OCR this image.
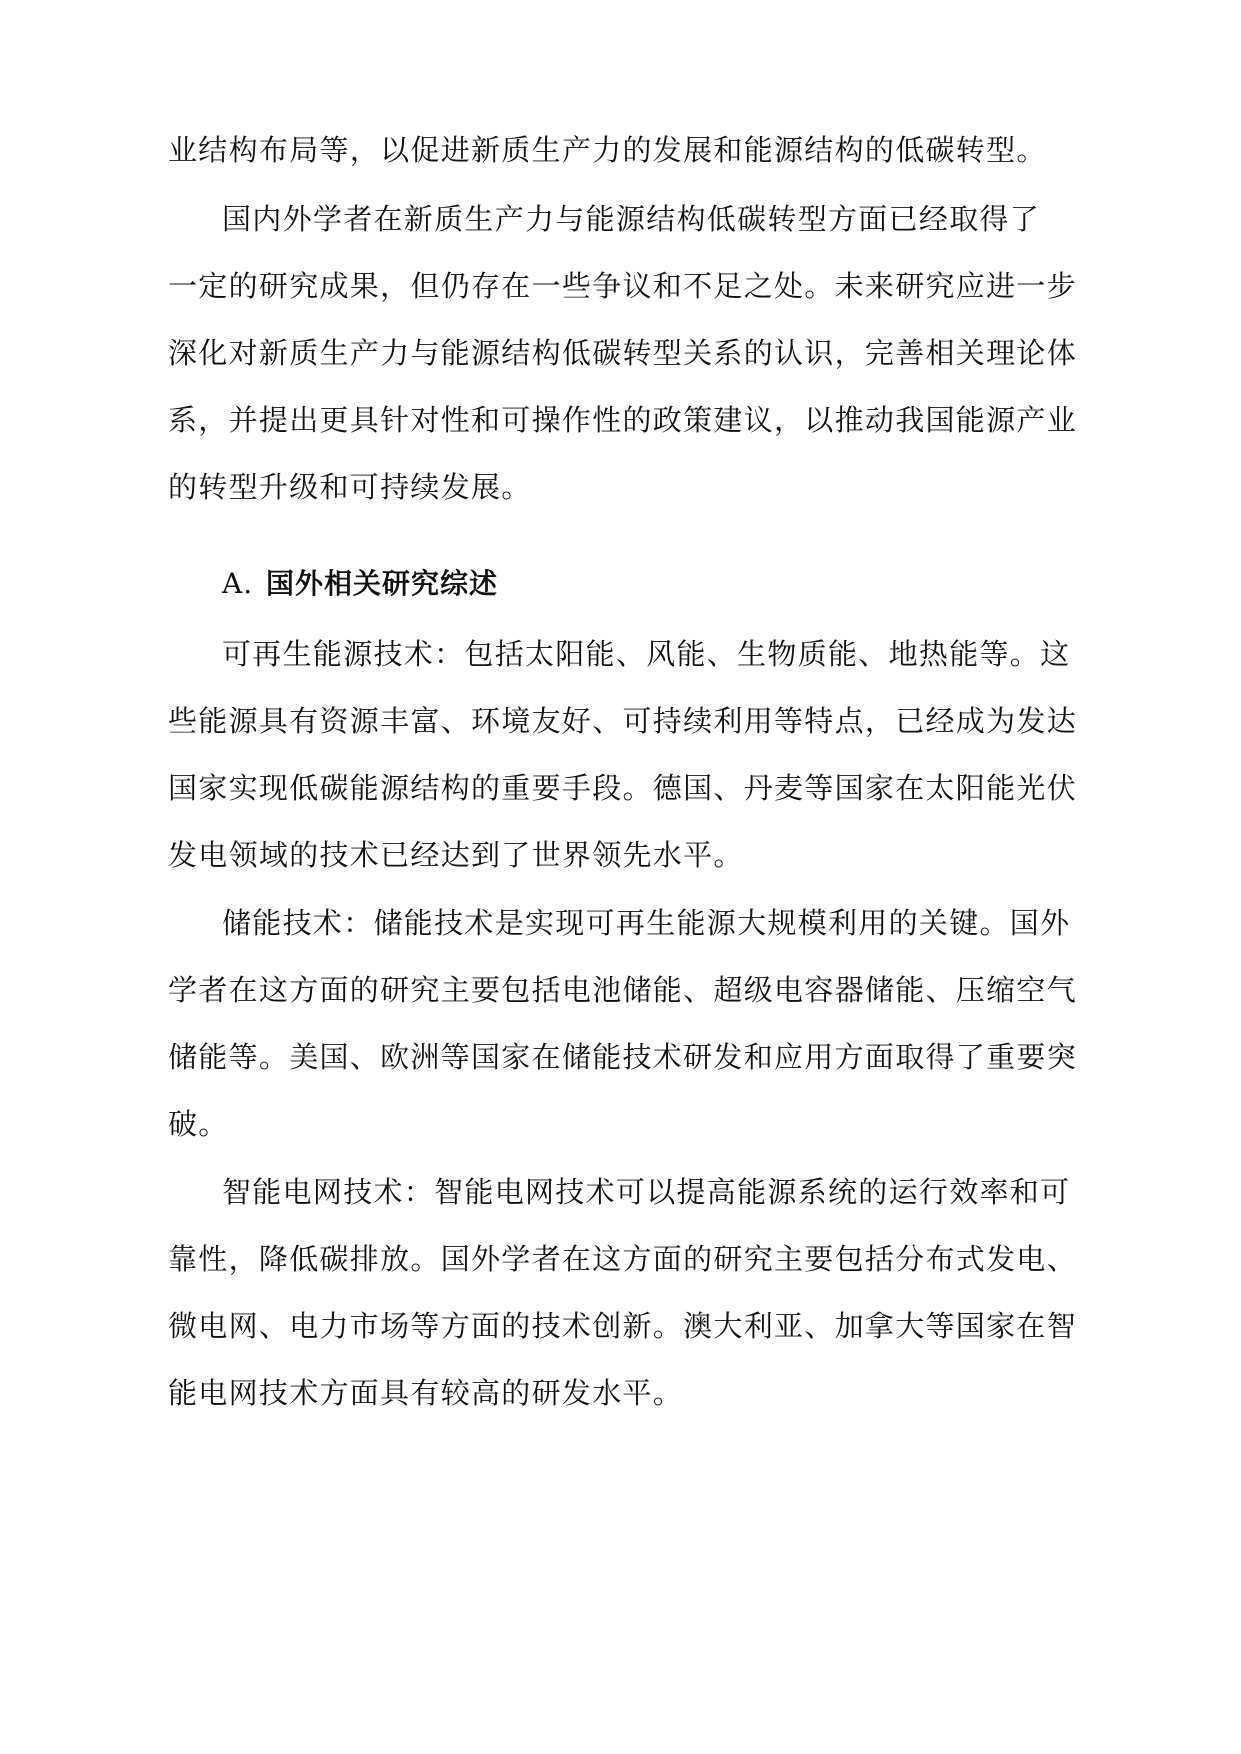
业结构布局等，以促进新质生产力的发展和能源结构的低碳转型。
国内外学者在新质生产力与能源结构低碳转型方面已经取得了
一定的研究成果，但仍存在一些争议和不足之处。未来研究应进一步
深化对新质生产力与能源结构低碳转型关系的认识，完善相关理论体
系，并提出更具针对性和可操作性的政策建议，以推动我国能源产业
的转型升级和可持续发展。
A. 国外相关研究综述
可再生能源技术：包括太阳能、风能、生物质能、地热能等。这
些能源具有资源丰富、环境友好、可持续利用等特点，已经成为发达
国家实现低碳能源结构的重要手段。德国、丹麦等国家在太阳能光伏
发电领域的技术已经达到了世界领先水平。
储能技术：储能技术是实现可再生能源大规模利用的关键。国外
学者在这方面的研究主要包括电池储能、超级电容器储能、压缩空气
储能等。美国、欧洲等国家在储能技术研发和应用方面取得了重要突
破。
智能电网技术：智能电网技术可以提高能源系统的运行效率和可
靠性，降低碳排放。国外学者在这方面的研究主要包括分布式发电、
微电网、电力市场等方面的技术创新。澳大利亚、加拿大等国家在智
能电网技术方面具有较高的研发水平。
